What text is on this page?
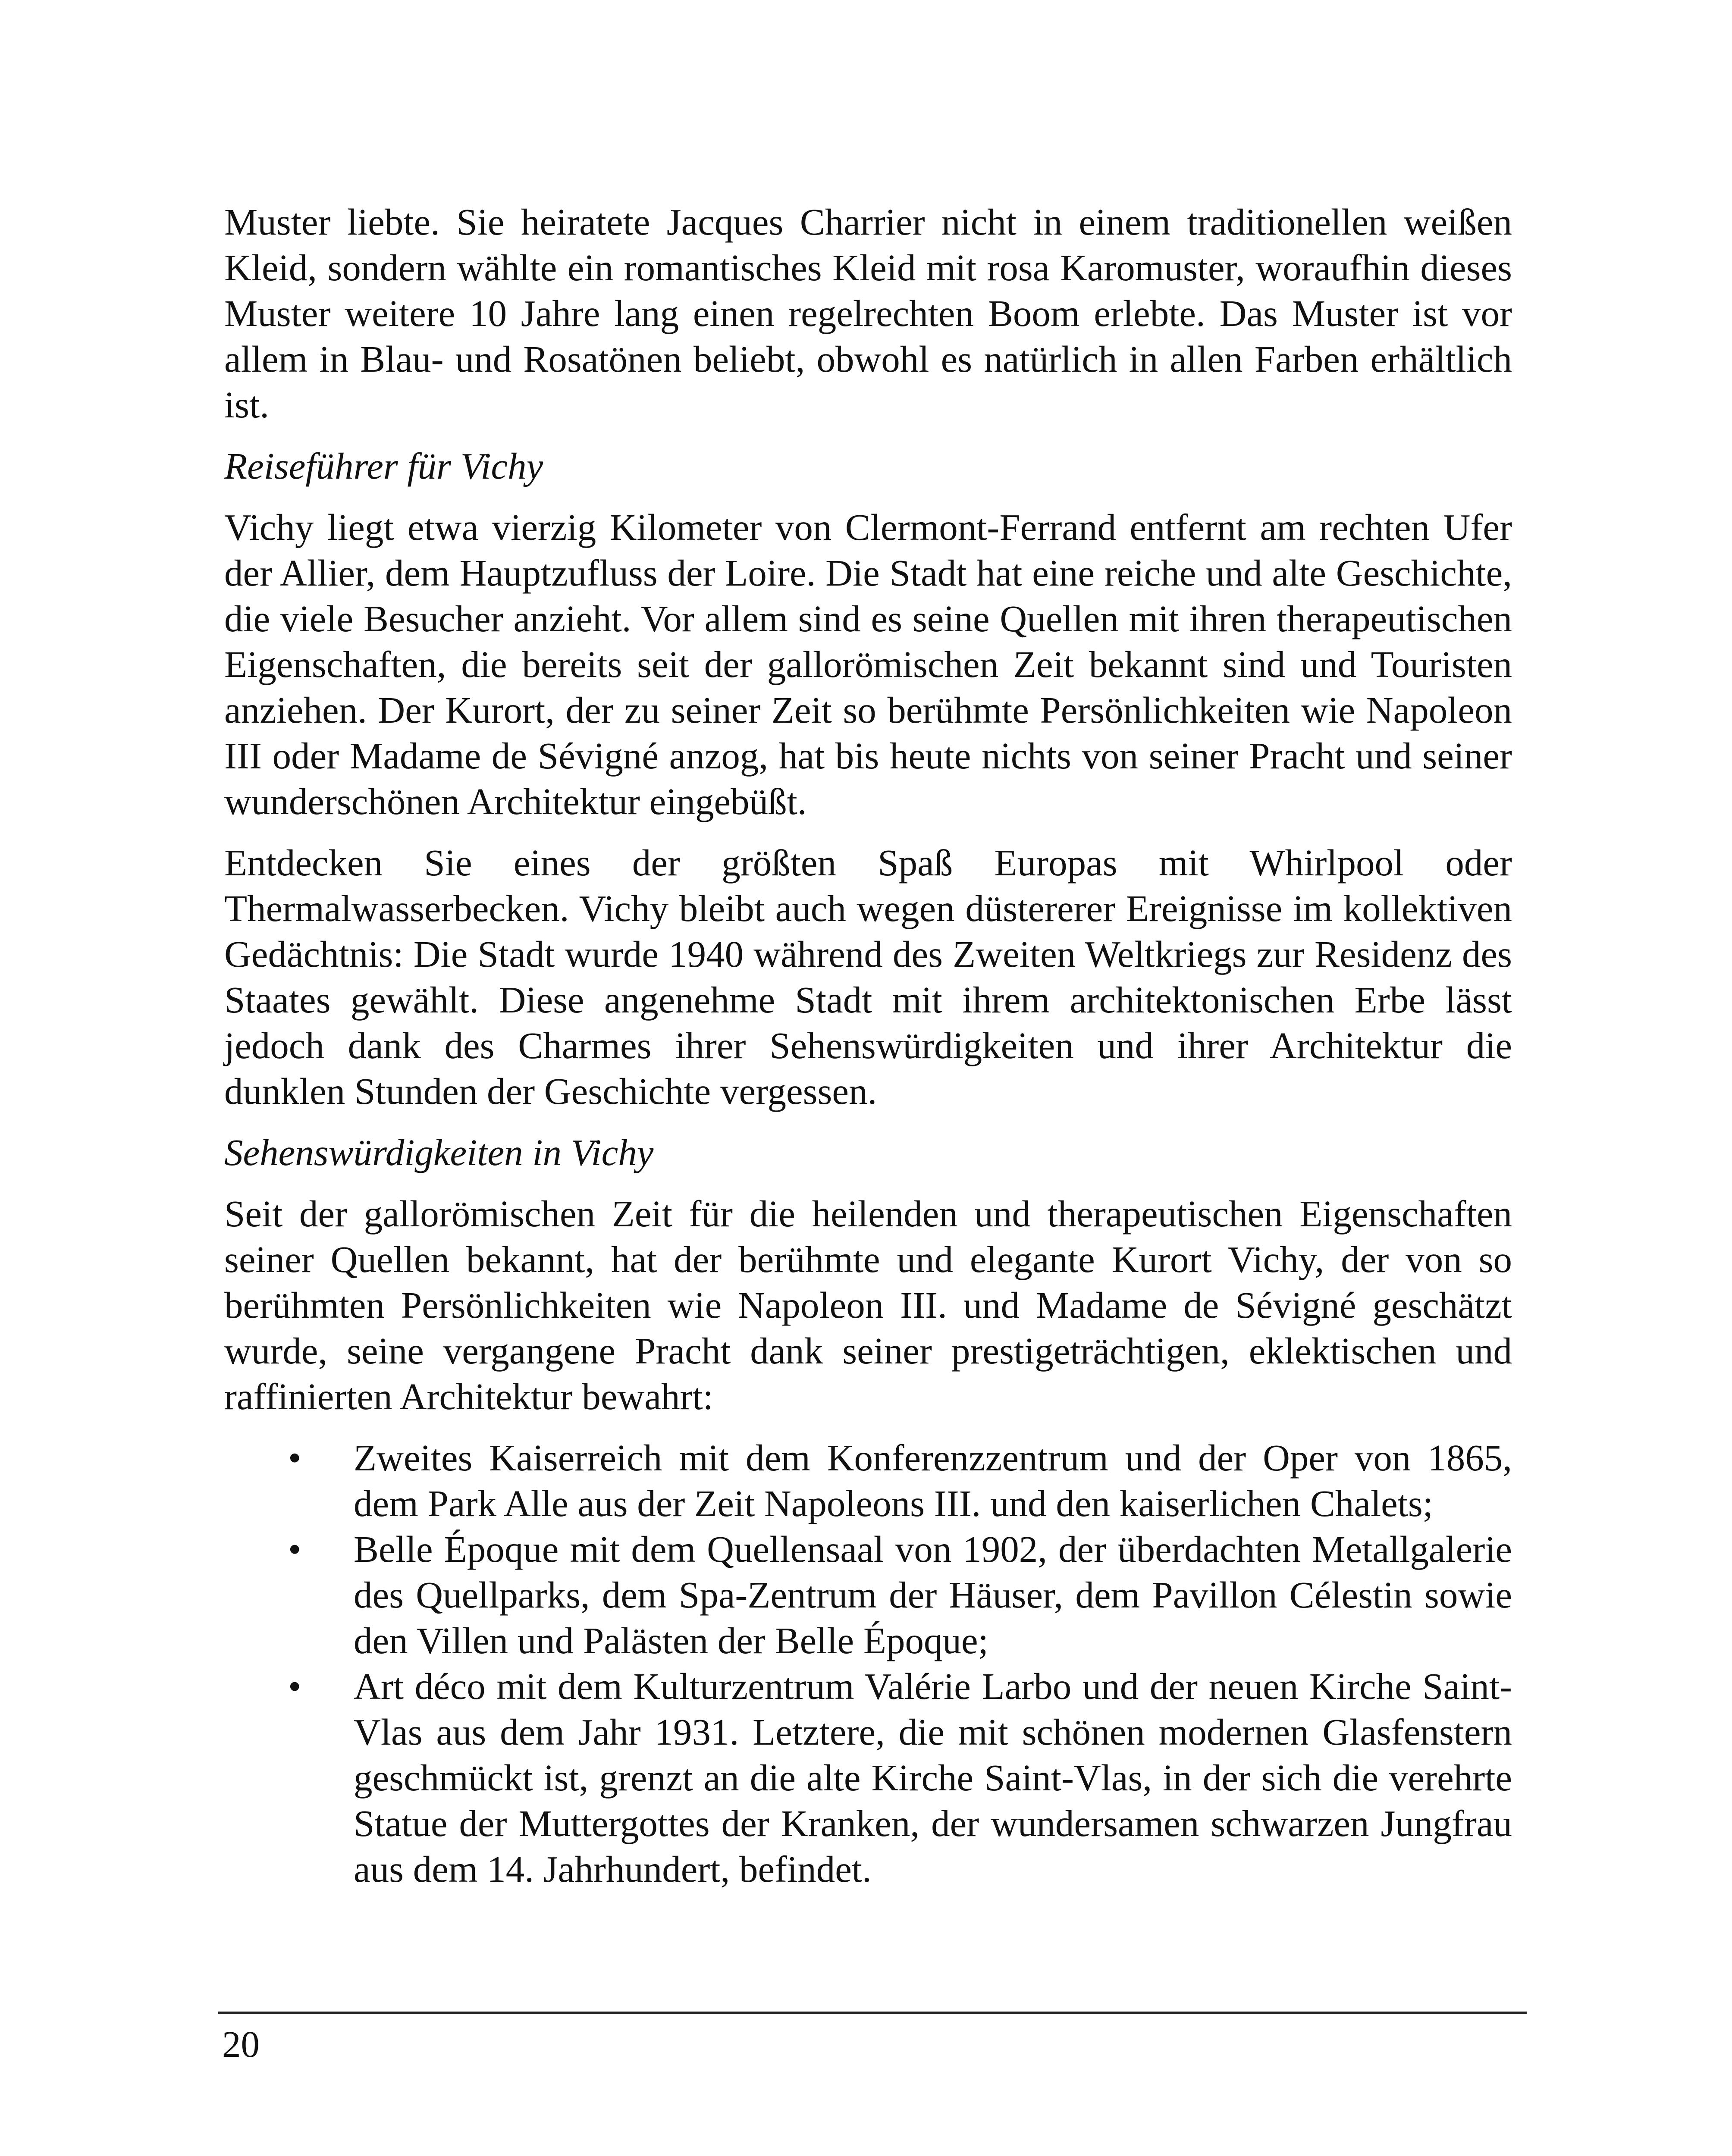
Muster liebte. Sie heiratete Jacques Charrier nicht in einem traditionellen weißen Kleid, sondern wählte ein romantisches Kleid mit rosa Karomuster, woraufhin dieses Muster weitere 10 Jahre lang einen regelrechten Boom erlebte. Das Muster ist vor allem in Blau- und Rosatönen beliebt, obwohl es natürlich in allen Farben erhältlich ist.

Reiseführer für Vichy

Vichy liegt etwa vierzig Kilometer von Clermont-Ferrand entfernt am rechten Ufer der Allier, dem Hauptzufluss der Loire. Die Stadt hat eine reiche und alte Geschichte, die viele Besucher anzieht. Vor allem sind es seine Quellen mit ihren therapeutischen Eigenschaften, die bereits seit der gallorömischen Zeit bekannt sind und Touristen anziehen. Der Kurort, der zu seiner Zeit so berühmte Persönlichkeiten wie Napoleon III oder Madame de Sévigné anzog, hat bis heute nichts von seiner Pracht und seiner wunderschönen Architektur eingebüßt.

Entdecken Sie eines der größten Spaß Europas mit Whirlpool oder Thermalwasserbecken. Vichy bleibt auch wegen düstererer Ereignisse im kollektiven Gedächtnis: Die Stadt wurde 1940 während des Zweiten Weltkriegs zur Residenz des Staates gewählt. Diese angenehme Stadt mit ihrem architektonischen Erbe lässt jedoch dank des Charmes ihrer Sehenswürdigkeiten und ihrer Architektur die dunklen Stunden der Geschichte vergessen.

Sehenswürdigkeiten in Vichy

Seit der gallorömischen Zeit für die heilenden und therapeutischen Eigenschaften seiner Quellen bekannt, hat der berühmte und elegante Kurort Vichy, der von so berühmten Persönlichkeiten wie Napoleon III. und Madame de Sévigné geschätzt wurde, seine vergangene Pracht dank seiner prestigeträchtigen, eklektischen und raffinierten Architektur bewahrt:

• Zweites Kaiserreich mit dem Konferenzzentrum und der Oper von 1865, dem Park Alle aus der Zeit Napoleons III. und den kaiserlichen Chalets;
• Belle Époque mit dem Quellensaal von 1902, der überdachten Metallgalerie des Quellparks, dem Spa-Zentrum der Häuser, dem Pavillon Célestin sowie den Villen und Palästen der Belle Époque;
• Art déco mit dem Kulturzentrum Valérie Larbo und der neuen Kirche Saint-Vlas aus dem Jahr 1931. Letztere, die mit schönen modernen Glasfenstern geschmückt ist, grenzt an die alte Kirche Saint-Vlas, in der sich die verehrte Statue der Muttergottes der Kranken, der wundersamen schwarzen Jungfrau aus dem 14. Jahrhundert, befindet.
20
